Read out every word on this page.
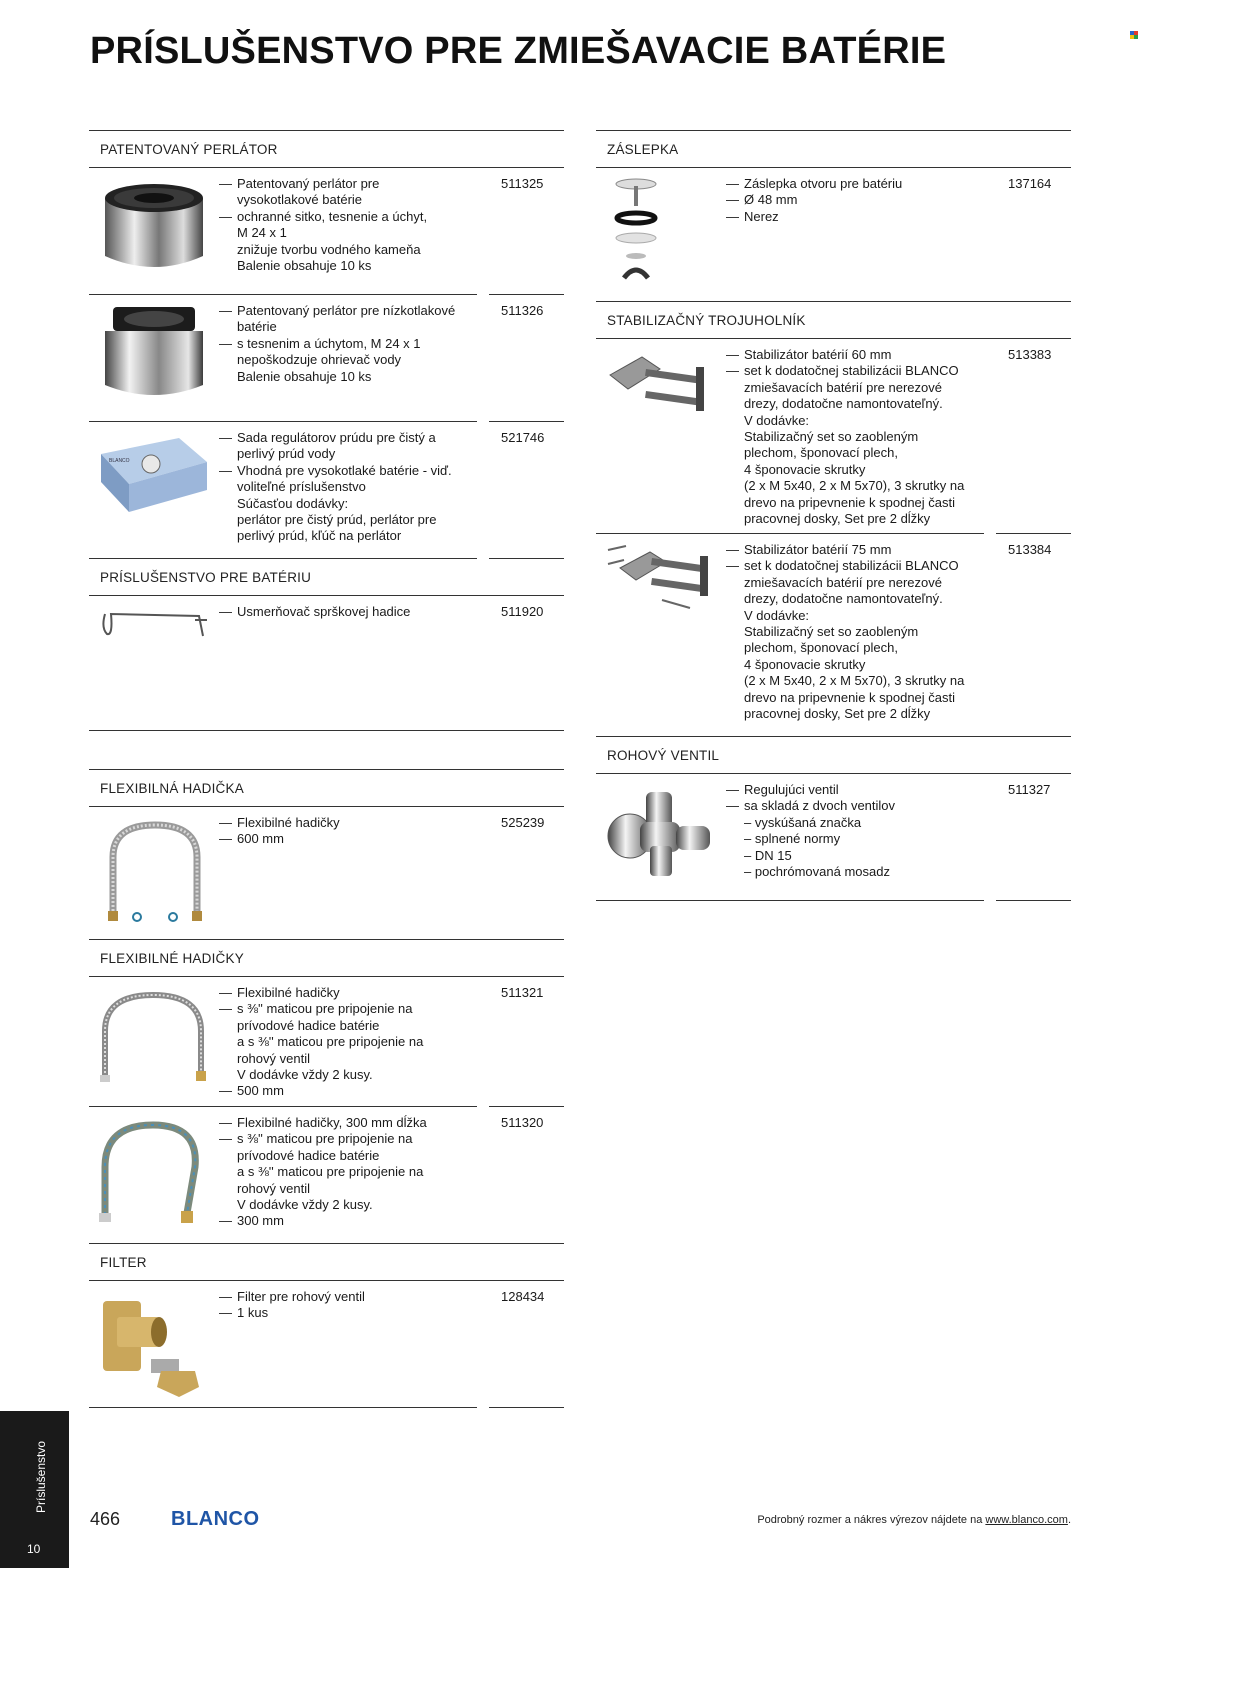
PRÍSLUŠENSTVO PRE ZMIEŠAVACIE BATÉRIE
PATENTOVANÝ PERLÁTOR
— Patentovaný perlátor pre
vysokotlakové batérie
— ochranné sitko, tesnenie a úchyt,
M 24 x 1
znižuje tvorbu vodného kameňa
Balenie obsahuje 10 ks
511325
— Patentovaný perlátor pre nízkotlakové
batérie
— s tesnenim a úchytom, M 24 x 1
nepoškodzuje ohrievač vody
Balenie obsahuje 10 ks
511326
BLANCO
— Sada regulátorov prúdu pre čistý a
perlivý prúd vody
— Vhodná pre vysokotlaké batérie - viď.
voliteľné príslušenstvo
Súčasťou dodávky:
perlátor pre čistý prúd, perlátor pre
perlivý prúd, kľúč na perlátor
521746
PRÍSLUŠENSTVO PRE BATÉRIU
— Usmerňovač sprškovej hadice	511920
FLEXIBILNÁ HADIČKA
— Flexibilné hadičky
— 600 mm
525239
FLEXIBILNÉ HADIČKY
— Flexibilné hadičky
— s ⅜'' maticou pre pripojenie na
prívodové hadice batérie
a s ⅜'' maticou pre pripojenie na
rohový ventil
V dodávke vždy 2 kusy.
— 500 mm
511321
— Flexibilné hadičky, 300 mm dĺžka
— s ⅜'' maticou pre pripojenie na
prívodové hadice batérie
a s ⅜'' maticou pre pripojenie na
rohový ventil
V dodávke vždy 2 kusy.
— 300 mm
511320
FILTER
— Filter pre rohový ventil
— 1 kus
128434
ZÁSLEPKA
— Záslepka otvoru pre batériu
— Ø 48 mm
— Nerez
137164
STABILIZAČNÝ TROJUHOLNÍK
— Stabilizátor batérií 60 mm
— set k dodatočnej stabilizácii BLANCO
zmiešavacích batérií pre nerezové
drezy, dodatočne namontovateľný.
V dodávke:
Stabilizačný set so zaobleným
plechom, šponovací plech,
4 šponovacie skrutky
(2 x M 5x40, 2 x M 5x70), 3 skrutky na
drevo na pripevnenie k spodnej časti
pracovnej dosky, Set pre 2 dĺžky
513383
— Stabilizátor batérií 75 mm
— set k dodatočnej stabilizácii BLANCO
zmiešavacích batérií pre nerezové
drezy, dodatočne namontovateľný.
V dodávke:
Stabilizačný set so zaobleným
plechom, šponovací plech,
4 šponovacie skrutky
(2 x M 5x40, 2 x M 5x70), 3 skrutky na
drevo na pripevnenie k spodnej časti
pracovnej dosky, Set pre 2 dĺžky
513384
ROHOVÝ VENTIL
— Regulujúci ventil
— sa skladá z dvoch ventilov
– vyskúšaná značka
– splnené normy
– DN 15
– pochrómovaná mosadz
511327
Príslušenstvo
10
466	BLANCO	Podrobný rozmer a nákres výrezov nájdete na www.blanco.com.
